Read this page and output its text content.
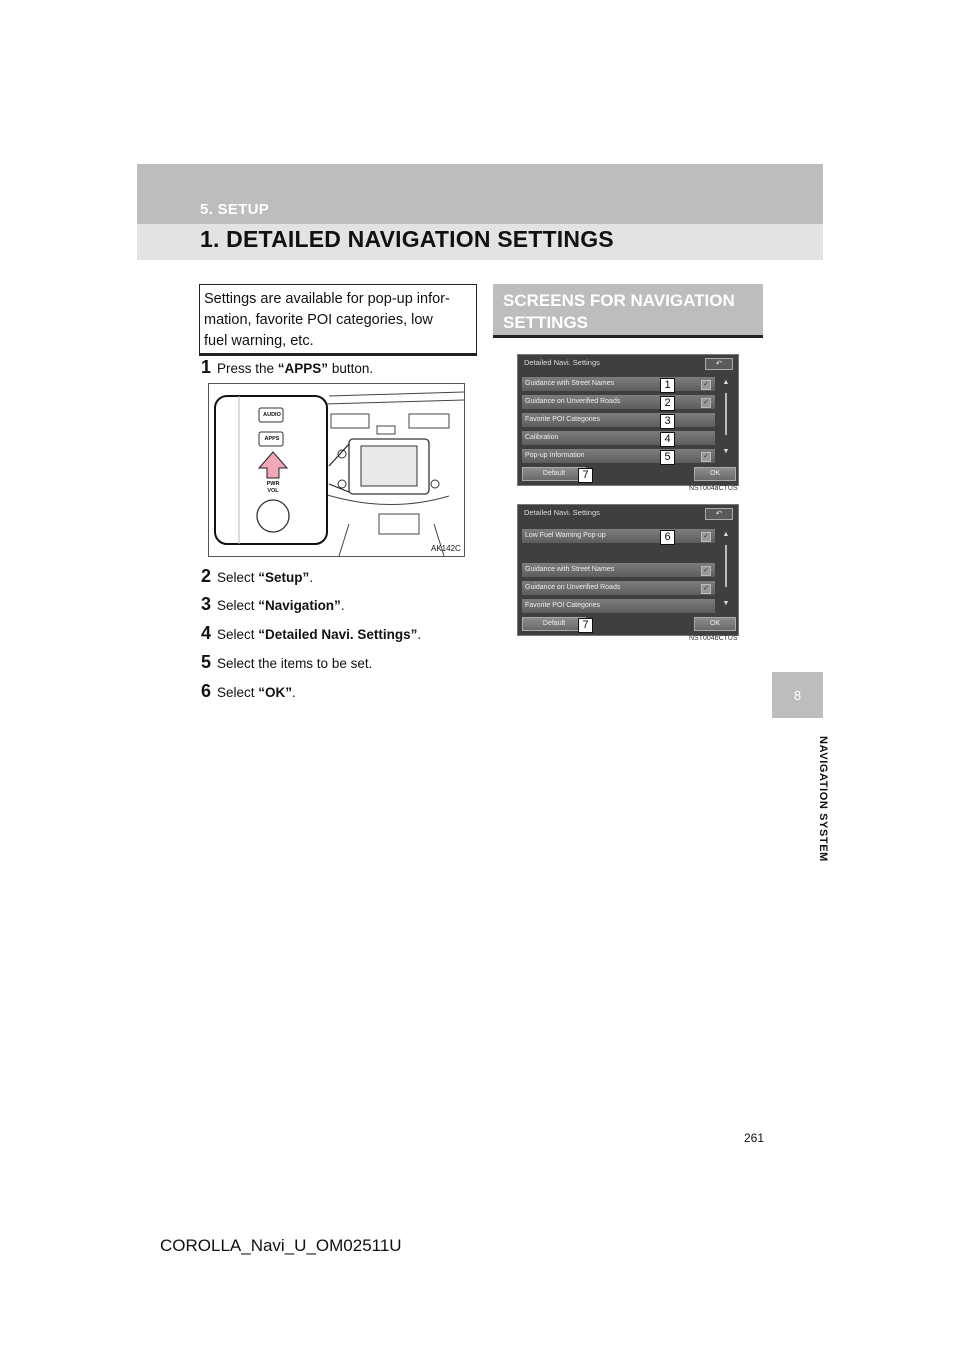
5. SETUP
1. DETAILED NAVIGATION SETTINGS
8
NAVIGATION SYSTEM
Settings are available for pop-up infor-
mation, favorite POI categories, low
fuel warning, etc.
1 Press the “APPS” button.
AUDIO
APPS
PWR
VOL
AK142C
2 Select “Setup”.
3 Select “Navigation”.
4 Select “Detailed Navi. Settings”.
5 Select the items to be set.
6 Select “OK”.
SCREENS FOR NAVIGATION SETTINGS
Detailed Navi. Settings	↶
Guidance with Street Names	✓
Guidance on Unverified Roads	✓
Favorite POI Categories
Calibration
Pop-up Information	✓
1
2
3
4
5
▲
▼
Default	7	OK
NST004aCTUS
Detailed Navi. Settings	↶
Low Fuel Warning Pop-up	✓
Guidance with Street Names	✓
Guidance on Unverified Roads	✓
Favorite POI Categories
6	▲
▼
Default	7	OK
NST004bCTUS
261
COROLLA_Navi_U_OM02511U
